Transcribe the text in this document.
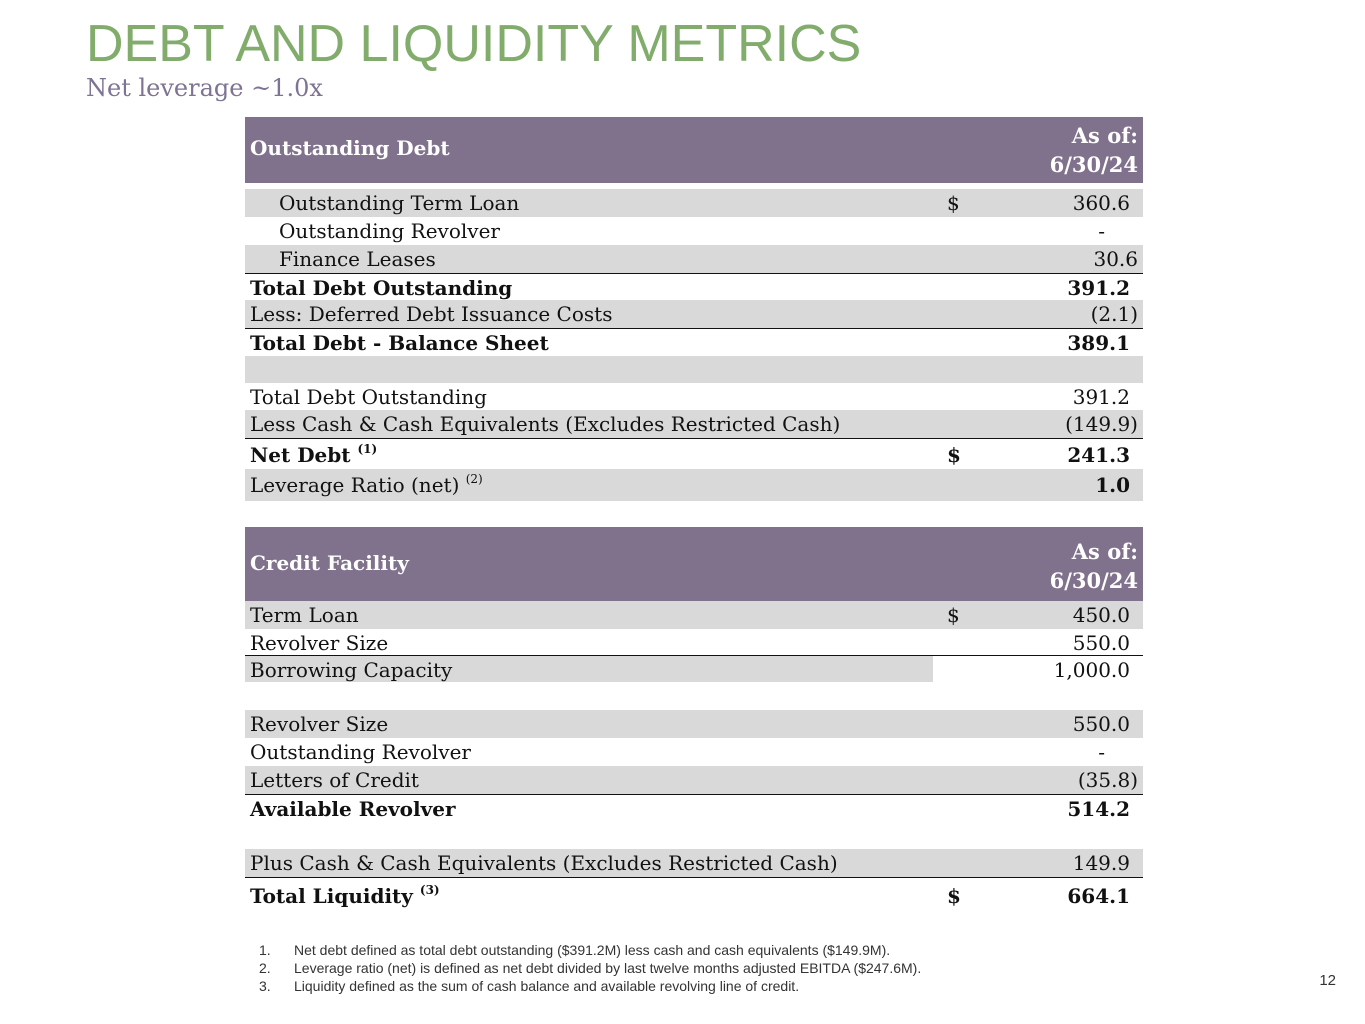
DEBT AND LIQUIDITY METRICS
Net leverage ~1.0x
Outstanding Debt	As of:
6/30/24
Outstanding Term Loan	$	360.6
Outstanding Revolver	-
Finance Leases	30.6
Total Debt Outstanding	391.2
Less: Deferred Debt Issuance Costs	(2.1)
Total Debt - Balance Sheet	389.1
Total Debt Outstanding	391.2
Less Cash & Cash Equivalents (Excludes Restricted Cash)	(149.9)
Net Debt $^{(1)}$	$	241.3
Leverage Ratio (net) $^{(2)}$	1.0
Credit Facility	As of:
6/30/24
Term Loan	$	450.0
Revolver Size	550.0
Borrowing Capacity	1,000.0
Revolver Size	550.0
Outstanding Revolver	-
Letters of Credit	(35.8)
Available Revolver	514.2
Plus Cash & Cash Equivalents (Excludes Restricted Cash)	149.9
Total Liquidity $^{(3)}$	$	664.1
1. Net debt defined as total debt outstanding ($391.2M) less cash and cash equivalents ($149.9M).
2. Leverage ratio (net) is defined as net debt divided by last twelve months adjusted EBITDA ($247.6M).
3. Liquidity defined as the sum of cash balance and available revolving line of credit.	12
